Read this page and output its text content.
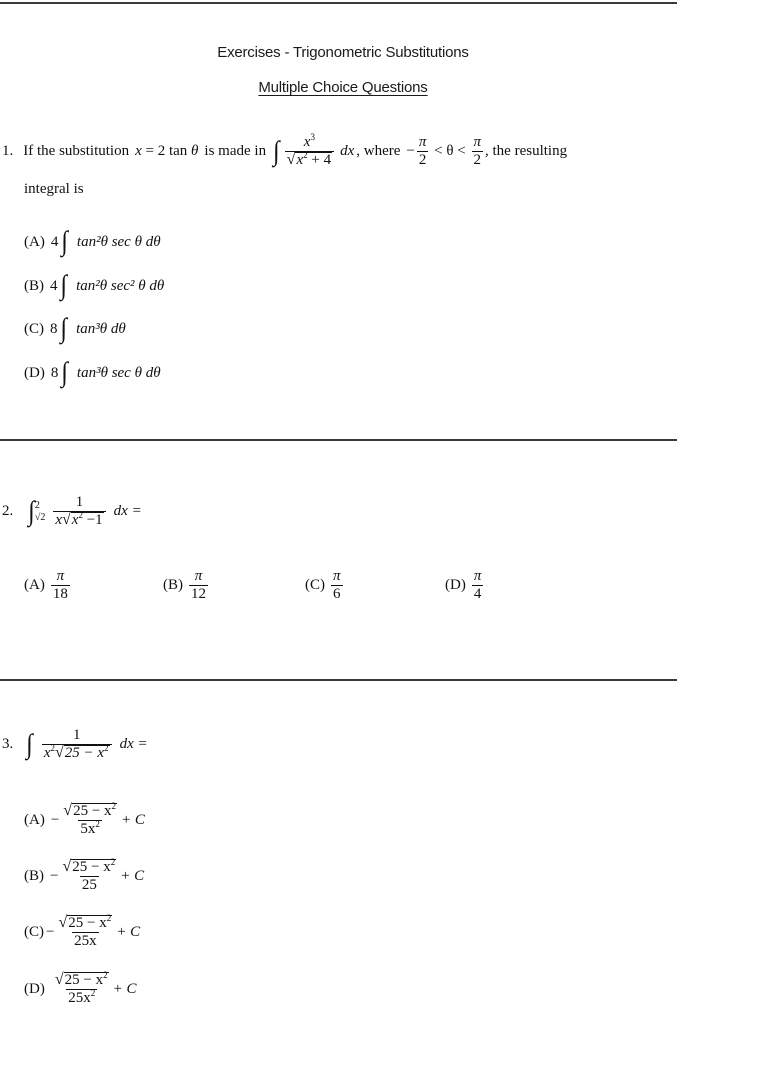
Exercises - Trigonometric Substitutions
Multiple Choice Questions
1. If the substitution x = 2 tan θ is made in ∫ $\frac{x^3}{√ x^2 + 4}$ dx , where − $\frac{\pi}{2} < \theta < \frac{\pi}{2}$ , the resulting
integral is
(A) 4 ∫ tan²θ sec θ dθ
(B) 4 ∫ tan²θ sec² θ dθ
(C) 8 ∫ tan³θ dθ
(D) 8 ∫ tan³θ sec θ dθ
2. ∫ 2
$√2 \frac{1}{x √ x^2 -1}$ dx =
$(A) \frac{\pi}{18}$	$(B) \frac{\pi}{12}$	$(C) \frac{\pi}{6}$	$(D) \frac{\pi}{4}$
3. ∫ $\frac{1}{x^2 √ 25 - x^2}$ dx =
$(A) - \frac{√ 25 - x^2}{5x^2} + C$
$(B) - \frac{√ 25 - x^2}{25} + C$
$(C) - \frac{√ 25 - x^2}{25x} + C$
$(D) \frac{√ 25 - x^2}{25x^2} + C$
